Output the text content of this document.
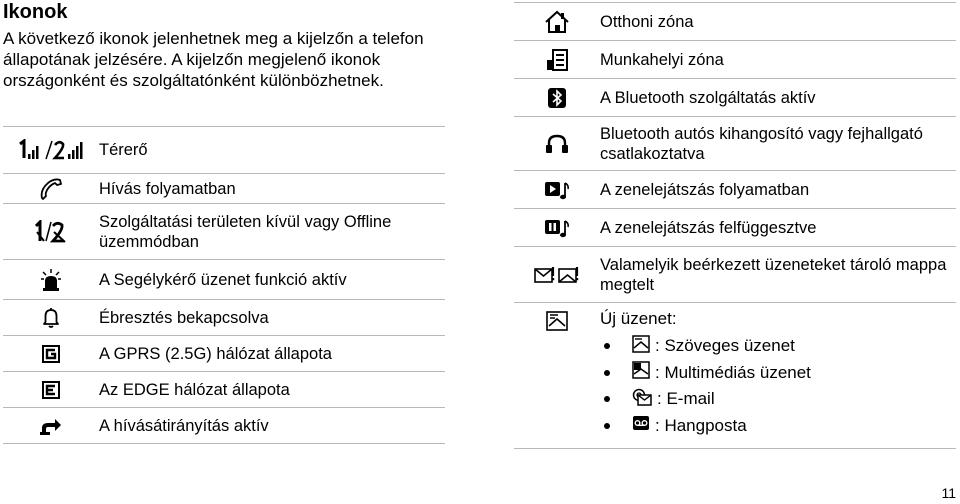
Ikonok
A következő ikonok jelenhetnek meg a kijelzőn a telefon állapotának jelzésére. A kijelzőn megjelenő ikonok országonként és szolgáltatónként különbözhetnek.
Térerő
Hívás folyamatban
Szolgáltatási területen kívül vagy Offline üzemmódban
A Segélykérő üzenet funkció aktív
Ébresztés bekapcsolva
A GPRS (2.5G) hálózat állapota
Az EDGE hálózat állapota
A hívásátirányítás aktív
Otthoni zóna
Munkahelyi zóna
A Bluetooth szolgáltatás aktív
Bluetooth autós kihangosító vagy fejhallgató csatlakoztatva
A zenelejátszás folyamatban
A zenelejátszás felfüggesztve
Valamelyik beérkezett üzeneteket tároló mappa megtelt
Új üzenet:
: Szöveges üzenet
: Multimédiás üzenet
: E-mail
: Hangposta
11
